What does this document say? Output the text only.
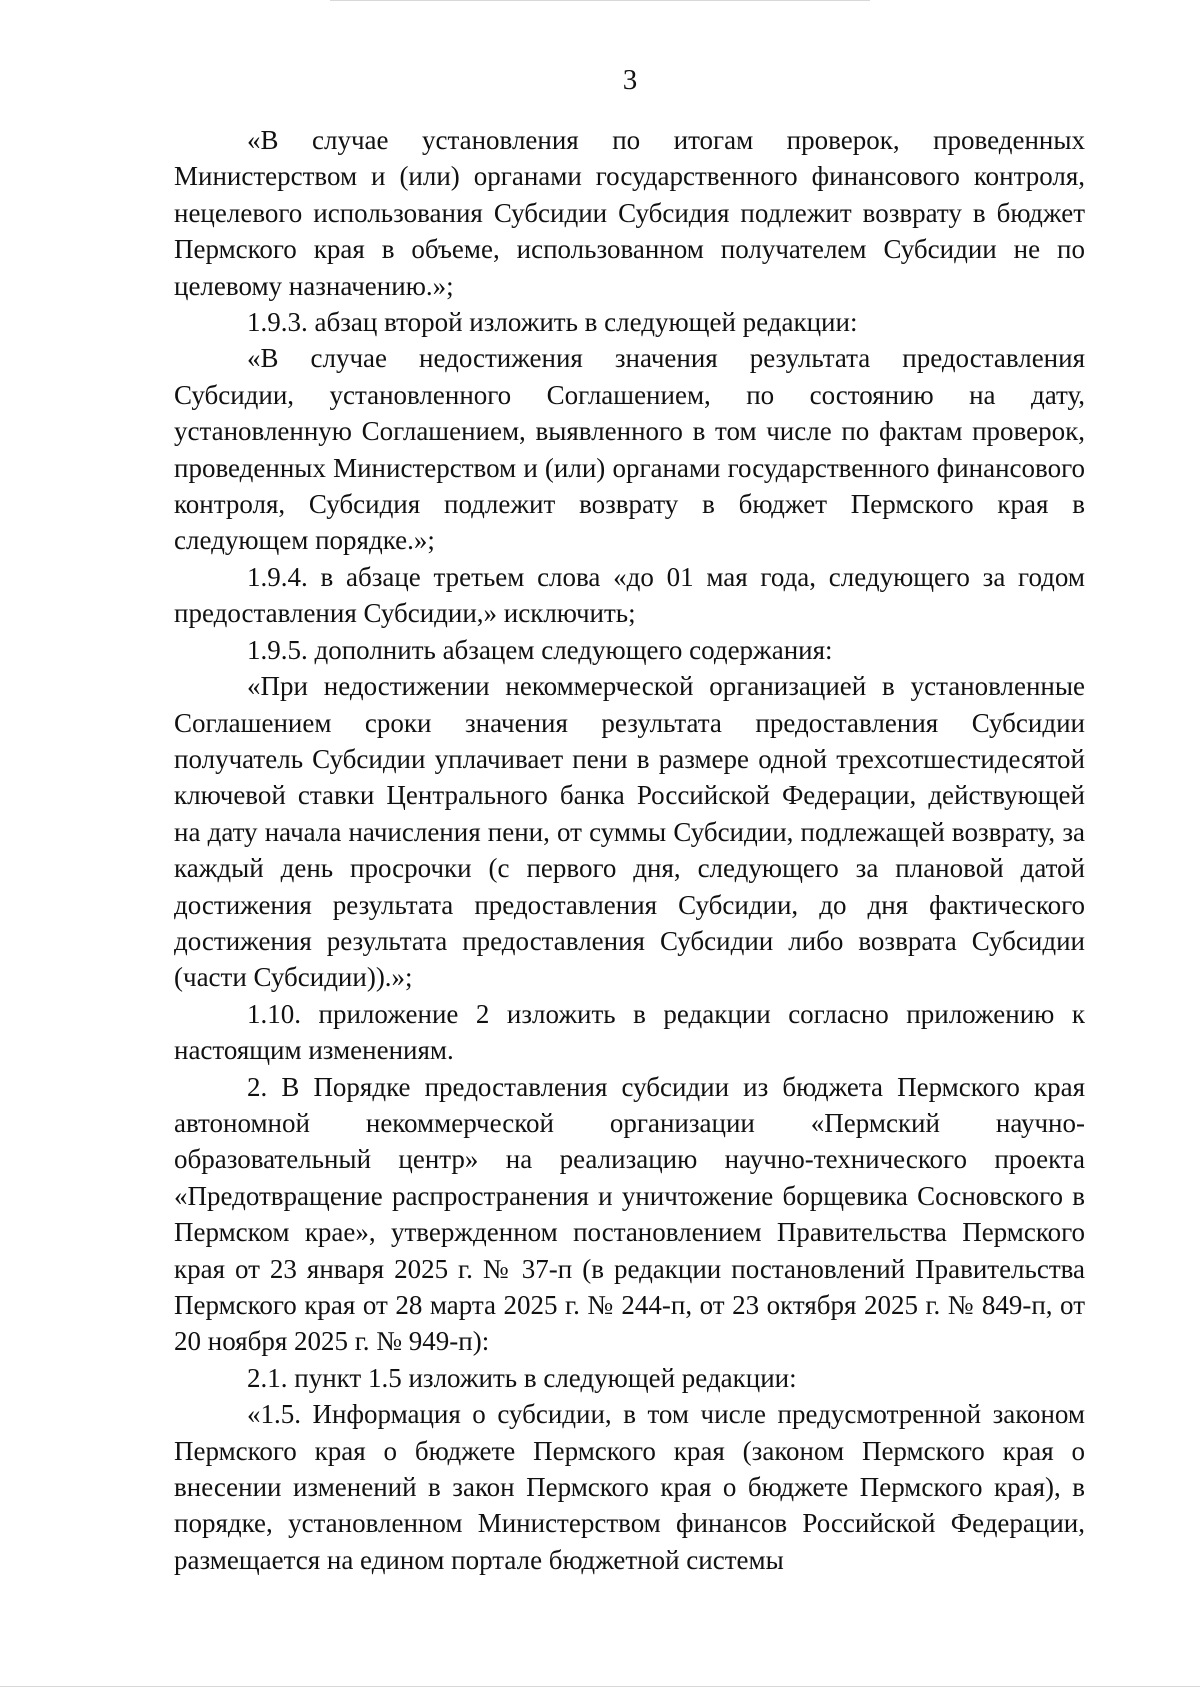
3

«В случае установления по итогам проверок, проведенных Министерством и (или) органами государственного финансового контроля, нецелевого использования Субсидии Субсидия подлежит возврату в бюджет Пермского края в объеме, использованном получателем Субсидии не по целевому назначению.»;

1.9.3. абзац второй изложить в следующей редакции:

«В случае недостижения значения результата предоставления Субсидии, установленного Соглашением, по состоянию на дату, установленную Соглашением, выявленного в том числе по фактам проверок, проведенных Министерством и (или) органами государственного финансового контроля, Субсидия подлежит возврату в бюджет Пермского края в следующем порядке.»;

1.9.4. в абзаце третьем слова «до 01 мая года, следующего за годом предоставления Субсидии,» исключить;

1.9.5. дополнить абзацем следующего содержания:

«При недостижении некоммерческой организацией в установленные Соглашением сроки значения результата предоставления Субсидии получатель Субсидии уплачивает пени в размере одной трехсотшестидесятой ключевой ставки Центрального банка Российской Федерации, действующей на дату начала начисления пени, от суммы Субсидии, подлежащей возврату, за каждый день просрочки (с первого дня, следующего за плановой датой достижения результата предоставления Субсидии, до дня фактического достижения результата предоставления Субсидии либо возврата Субсидии (части Субсидии)).»;

1.10. приложение 2 изложить в редакции согласно приложению к настоящим изменениям.

2. В Порядке предоставления субсидии из бюджета Пермского края автономной некоммерческой организации «Пермский научно-образовательный центр» на реализацию научно-технического проекта «Предотвращение распространения и уничтожение борщевика Сосновского в Пермском крае», утвержденном постановлением Правительства Пермского края от 23 января 2025 г. № 37-п (в редакции постановлений Правительства Пермского края от 28 марта 2025 г. № 244-п, от 23 октября 2025 г. № 849-п, от 20 ноября 2025 г. № 949-п):

2.1. пункт 1.5 изложить в следующей редакции:

«1.5. Информация о субсидии, в том числе предусмотренной законом Пермского края о бюджете Пермского края (законом Пермского края о внесении изменений в закон Пермского края о бюджете Пермского края), в порядке, установленном Министерством финансов Российской Федерации, размещается на едином портале бюджетной системы
